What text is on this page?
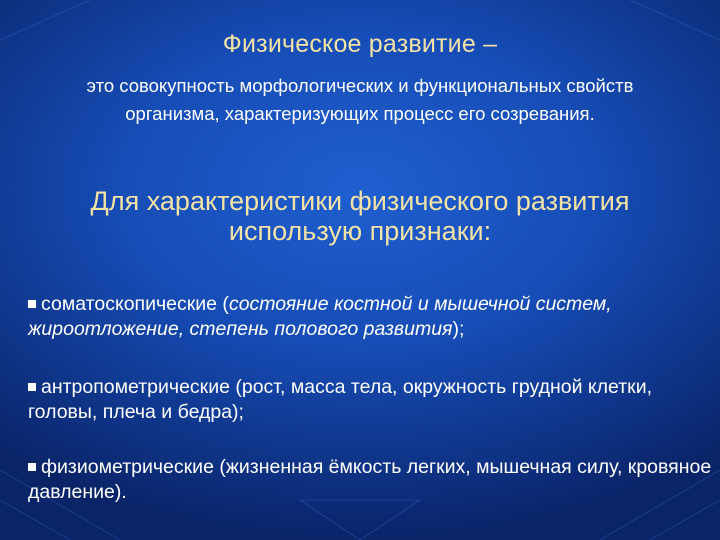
Физическое развитие –
это совокупность морфологических и функциональных свойств организма, характеризующих процесс его созревания.
Для характеристики физического развития использую признаки:
соматоскопические (состояние костной и мышечной систем, жироотложение, степень полового развития);
антропометрические (рост, масса тела, окружность грудной клетки, головы, плеча и бедра);
физиометрические (жизненная ёмкость легких, мышечная силу, кровяное давление).
